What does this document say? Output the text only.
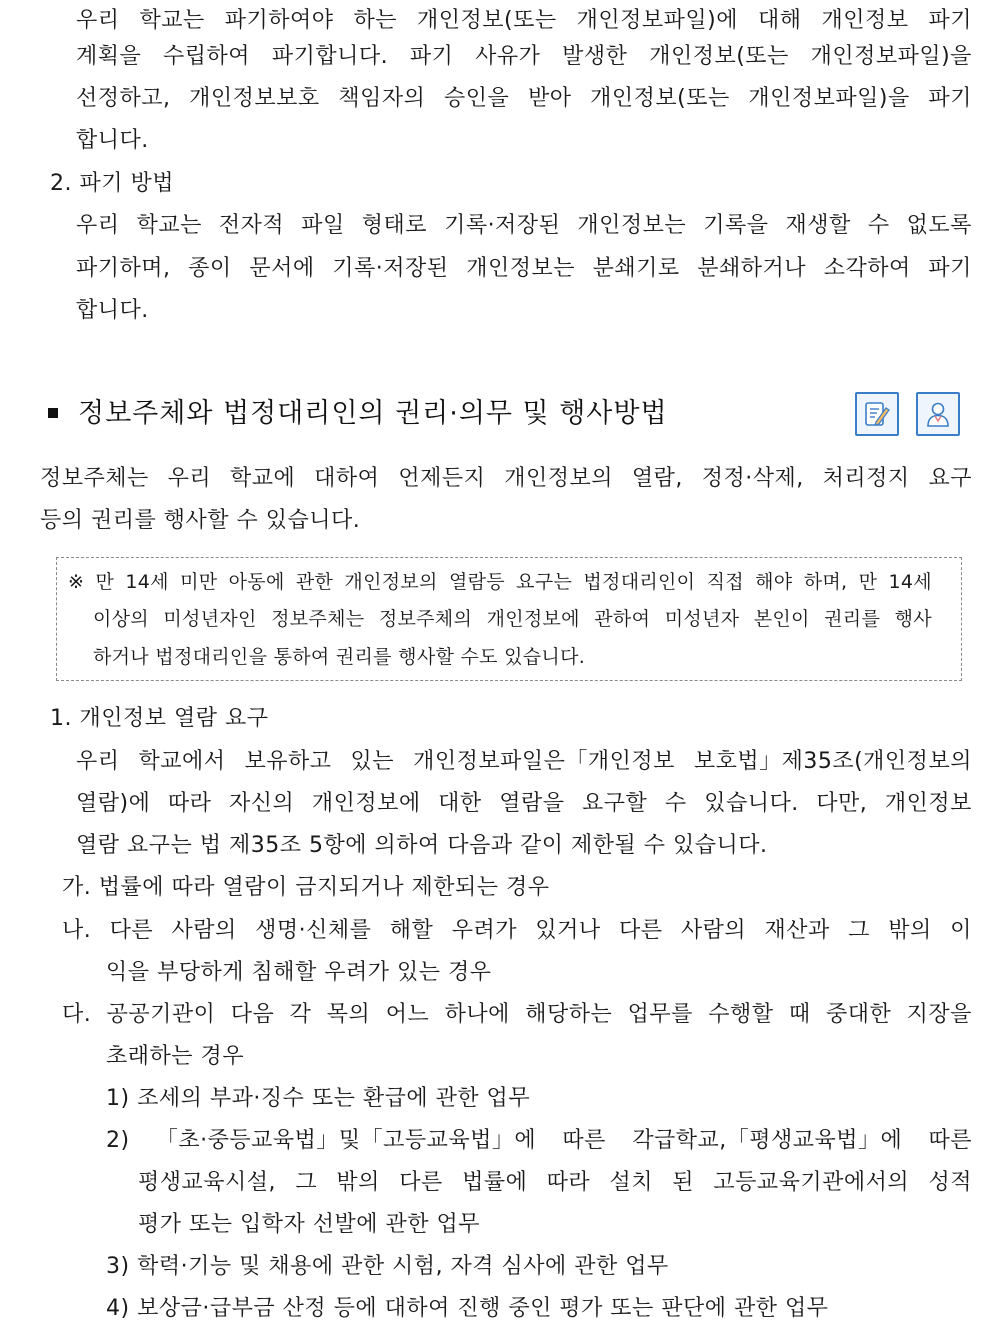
우리 학교는 파기하여야 하는 개인정보(또는 개인정보파일)에 대해 개인정보 파기
계획을 수립하여 파기합니다. 파기 사유가 발생한 개인정보(또는 개인정보파일)을
선정하고, 개인정보보호 책임자의 승인을 받아 개인정보(또는 개인정보파일)을 파기
합니다.
2. 파기 방법
우리 학교는 전자적 파일 형태로 기록·저장된 개인정보는 기록을 재생할 수 없도록
파기하며, 종이 문서에 기록·저장된 개인정보는 분쇄기로 분쇄하거나 소각하여 파기
합니다.
정보주체와 법정대리인의 권리·의무 및 행사방법
정보주체는 우리 학교에 대하여 언제든지 개인정보의 열람, 정정·삭제, 처리정지 요구
등의 권리를 행사할 수 있습니다.
※ 만 14세 미만 아동에 관한 개인정보의 열람등 요구는 법정대리인이 직접 해야 하며, 만 14세
이상의 미성년자인 정보주체는 정보주체의 개인정보에 관하여 미성년자 본인이 권리를 행사
하거나 법정대리인을 통하여 권리를 행사할 수도 있습니다.
1. 개인정보 열람 요구
우리 학교에서 보유하고 있는 개인정보파일은「개인정보 보호법」제35조(개인정보의
열람)에 따라 자신의 개인정보에 대한 열람을 요구할 수 있습니다. 다만, 개인정보
열람 요구는 법 제35조 5항에 의하여 다음과 같이 제한될 수 있습니다.
가. 법률에 따라 열람이 금지되거나 제한되는 경우
나. 다른 사람의 생명·신체를 해할 우려가 있거나 다른 사람의 재산과 그 밖의 이
익을 부당하게 침해할 우려가 있는 경우
다. 공공기관이 다음 각 목의 어느 하나에 해당하는 업무를 수행할 때 중대한 지장을
초래하는 경우
1) 조세의 부과·징수 또는 환급에 관한 업무
2) 「초·중등교육법」및「고등교육법」에 따른 각급학교,「평생교육법」에 따른
평생교육시설, 그 밖의 다른 법률에 따라 설치 된 고등교육기관에서의 성적
평가 또는 입학자 선발에 관한 업무
3) 학력·기능 및 채용에 관한 시험, 자격 심사에 관한 업무
4) 보상금·급부금 산정 등에 대하여 진행 중인 평가 또는 판단에 관한 업무
